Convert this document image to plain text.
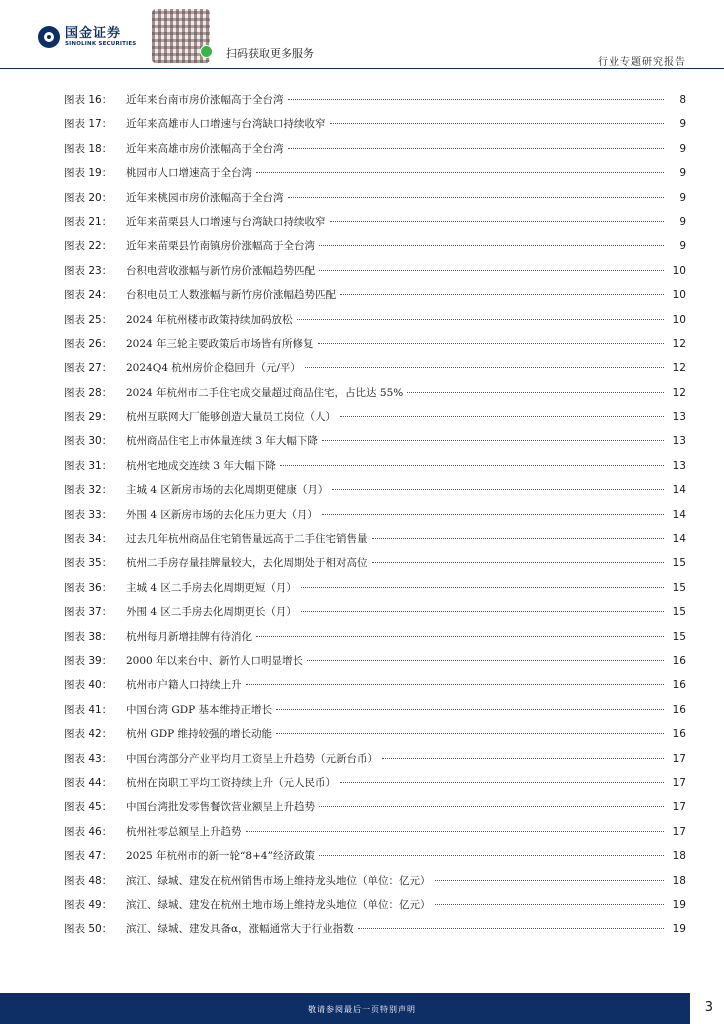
国金证券
SINOLINK SECURITIES
扫码获取更多服务
行业专题研究报告
图表 16：	近年来台南市房价涨幅高于全台湾	8
图表 17：	近年来高雄市人口增速与台湾缺口持续收窄	9
图表 18：	近年来高雄市房价涨幅高于全台湾	9
图表 19：	桃园市人口增速高于全台湾	9
图表 20：	近年来桃园市房价涨幅高于全台湾	9
图表 21：	近年来苗栗县人口增速与台湾缺口持续收窄	9
图表 22：	近年来苗栗县竹南镇房价涨幅高于全台湾	9
图表 23：	台积电营收涨幅与新竹房价涨幅趋势匹配	10
图表 24：	台积电员工人数涨幅与新竹房价涨幅趋势匹配	10
图表 25：	2024 年杭州楼市政策持续加码放松	10
图表 26：	2024 年三轮主要政策后市场皆有所修复	12
图表 27：	2024Q4 杭州房价企稳回升（元/平）	12
图表 28：	2024 年杭州市二手住宅成交量超过商品住宅，占比达 55%	12
图表 29：	杭州互联网大厂能够创造大量员工岗位（人）	13
图表 30：	杭州商品住宅上市体量连续 3 年大幅下降	13
图表 31：	杭州宅地成交连续 3 年大幅下降	13
图表 32：	主城 4 区新房市场的去化周期更健康（月）	14
图表 33：	外围 4 区新房市场的去化压力更大（月）	14
图表 34：	过去几年杭州商品住宅销售量远高于二手住宅销售量	14
图表 35：	杭州二手房存量挂牌量较大，去化周期处于相对高位	15
图表 36：	主城 4 区二手房去化周期更短（月）	15
图表 37：	外围 4 区二手房去化周期更长（月）	15
图表 38：	杭州每月新增挂牌有待消化	15
图表 39：	2000 年以来台中、新竹人口明显增长	16
图表 40：	杭州市户籍人口持续上升	16
图表 41：	中国台湾 GDP 基本维持正增长	16
图表 42：	杭州 GDP 维持较强的增长动能	16
图表 43：	中国台湾部分产业平均月工资呈上升趋势（元新台币）	17
图表 44：	杭州在岗职工平均工资持续上升（元人民币）	17
图表 45：	中国台湾批发零售餐饮营业额呈上升趋势	17
图表 46：	杭州社零总额呈上升趋势	17
图表 47：	2025 年杭州市的新一轮“8+4”经济政策	18
图表 48：	滨江、绿城、建发在杭州销售市场上维持龙头地位（单位：亿元）	18
图表 49：	滨江、绿城、建发在杭州土地市场上维持龙头地位（单位：亿元）	19
图表 50：	滨江、绿城、建发具备α，涨幅通常大于行业指数	19
敬请参阅最后一页特别声明	3
